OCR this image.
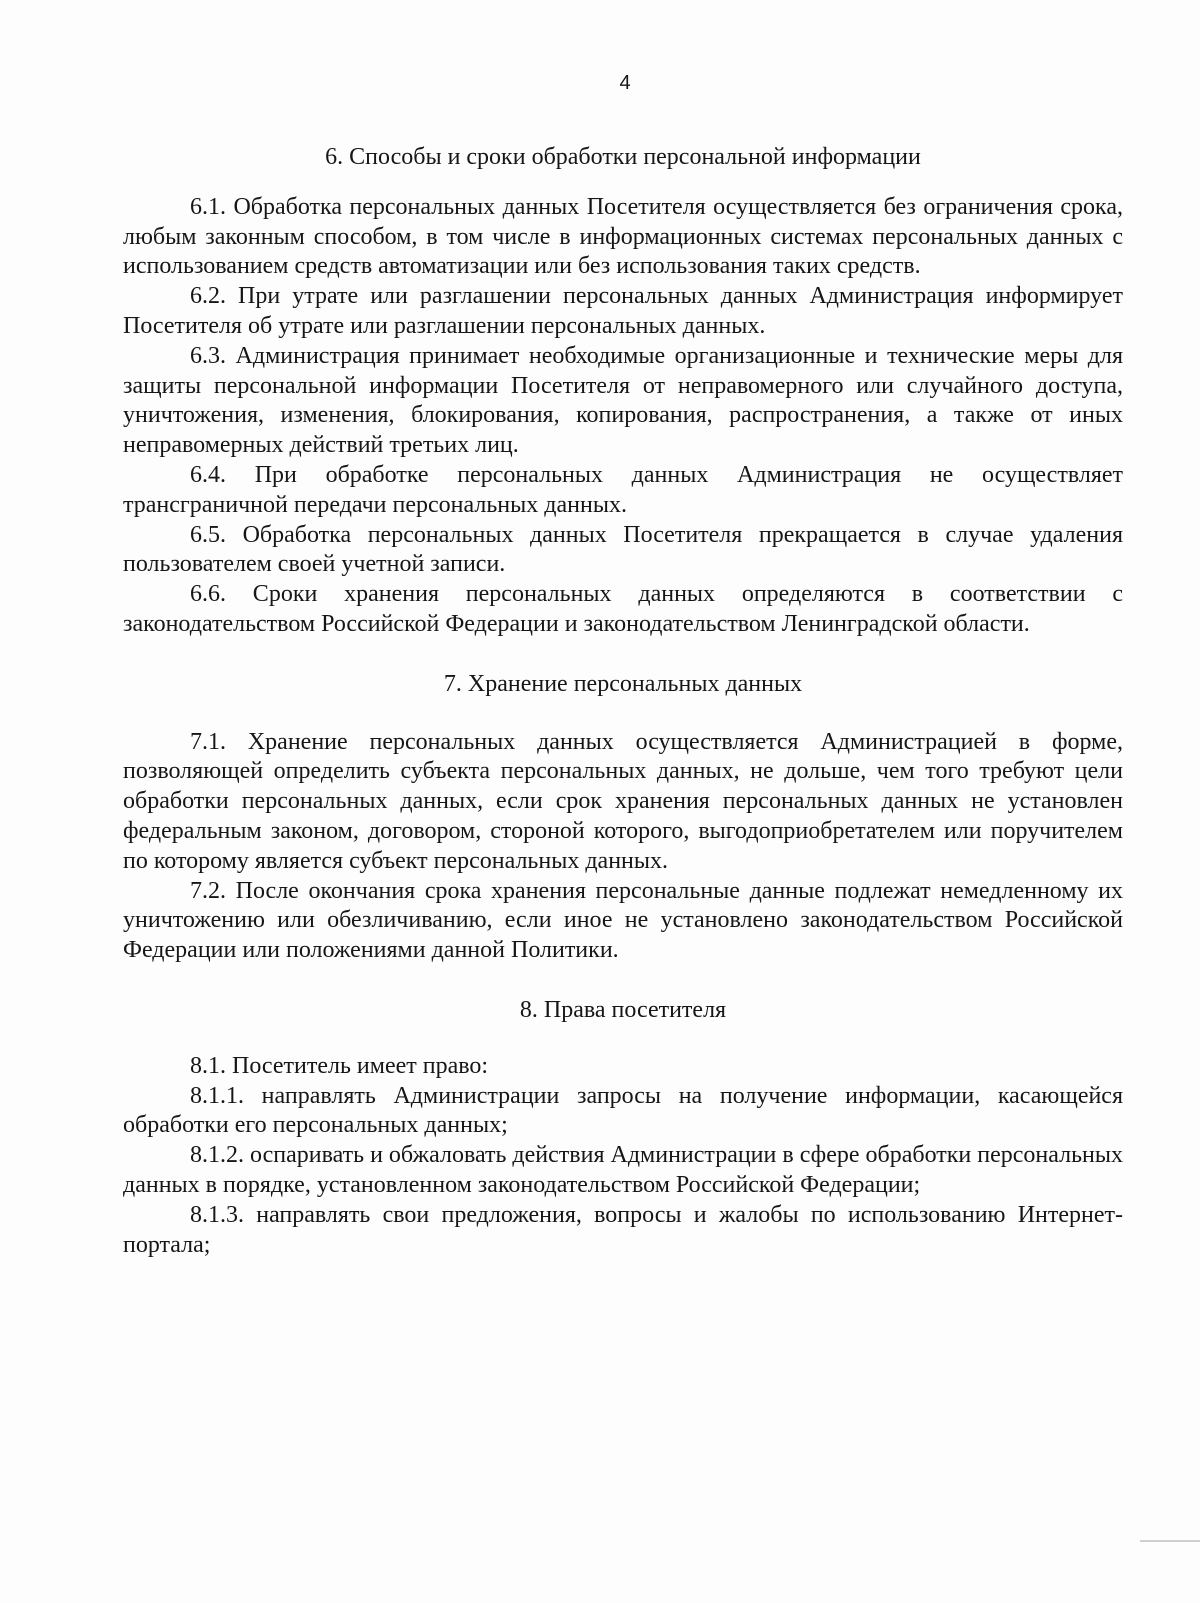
4
6. Способы и сроки обработки персональной информации

6.1. Обработка персональных данных Посетителя осуществляется без ограничения срока, любым законным способом, в том числе в информационных системах персональных данных с использованием средств автоматизации или без использования таких средств.

6.2. При утрате или разглашении персональных данных Администрация информирует Посетителя об утрате или разглашении персональных данных.

6.3. Администрация принимает необходимые организационные и технические меры для защиты персональной информации Посетителя от неправомерного или случайного доступа, уничтожения, изменения, блокирования, копирования, распространения, а также от иных неправомерных действий третьих лиц.

6.4. При обработке персональных данных Администрация не осуществляет трансграничной передачи персональных данных.

6.5. Обработка персональных данных Посетителя прекращается в случае удаления пользователем своей учетной записи.

6.6. Сроки хранения персональных данных определяются в соответствии с законодательством Российской Федерации и законодательством Ленинградской области.

7. Хранение персональных данных

7.1. Хранение персональных данных осуществляется Администрацией в форме, позволяющей определить субъекта персональных данных, не дольше, чем того требуют цели обработки персональных данных, если срок хранения персональных данных не установлен федеральным законом, договором, стороной которого, выгодоприобретателем или поручителем по которому является субъект персональных данных.

7.2. После окончания срока хранения персональные данные подлежат немедленному их уничтожению или обезличиванию, если иное не установлено законодательством Российской Федерации или положениями данной Политики.

8. Права посетителя

8.1. Посетитель имеет право:

8.1.1. направлять Администрации запросы на получение информации, касающейся обработки его персональных данных;

8.1.2. оспаривать и обжаловать действия Администрации в сфере обработки персональных данных в порядке, установленном законодательством Российской Федерации;

8.1.3. направлять свои предложения, вопросы и жалобы по использованию Интернет-портала;
